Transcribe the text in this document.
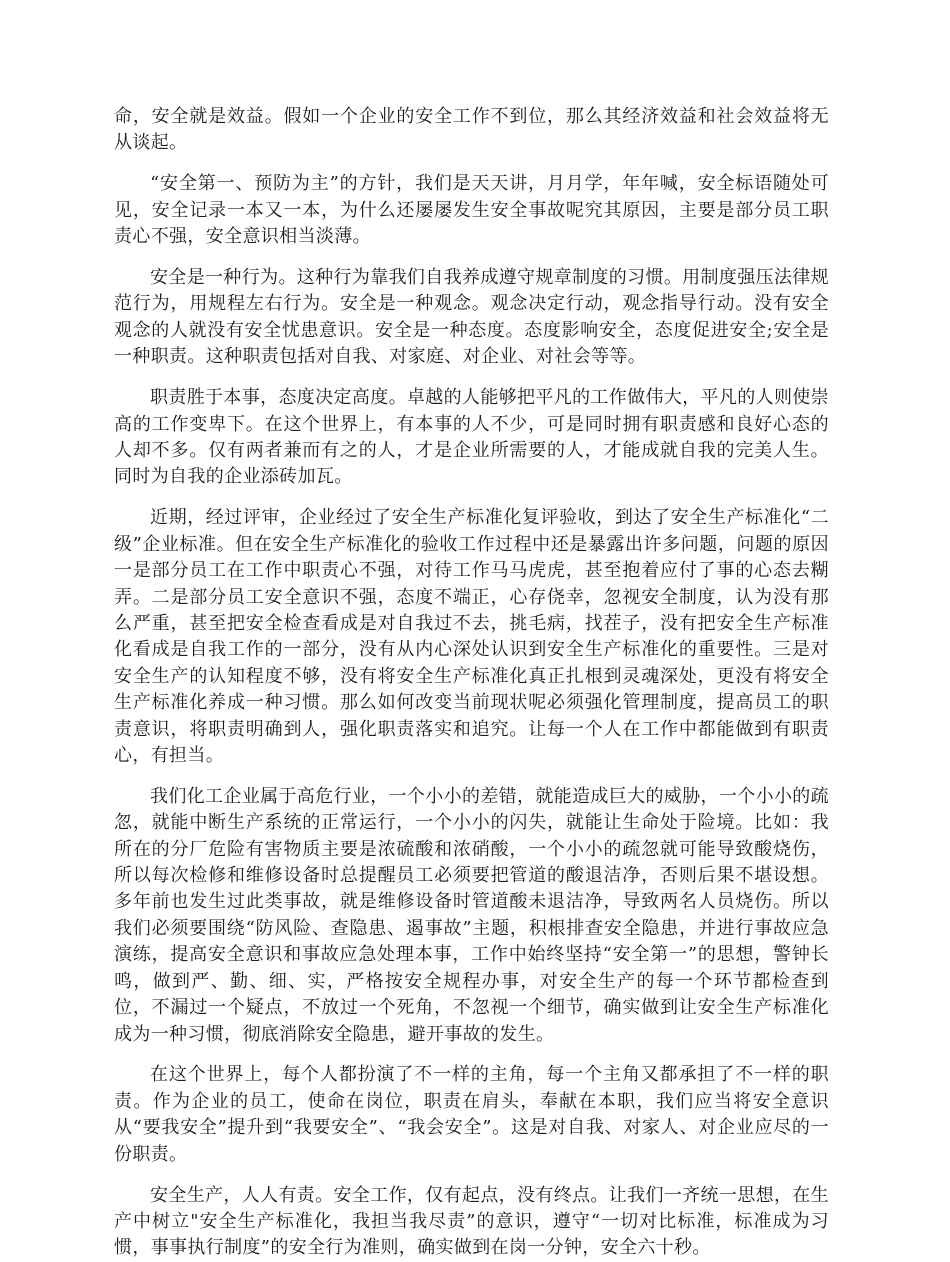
命，安全就是效益。假如一个企业的安全工作不到位，那么其经济效益和社会效益将无从谈起。

“安全第一、预防为主”的方针，我们是天天讲，月月学，年年喊，安全标语随处可见，安全记录一本又一本，为什么还屡屡发生安全事故呢究其原因，主要是部分员工职责心不强，安全意识相当淡薄。

安全是一种行为。这种行为靠我们自我养成遵守规章制度的习惯。用制度强压法律规范行为，用规程左右行为。安全是一种观念。观念决定行动，观念指导行动。没有安全观念的人就没有安全忧患意识。安全是一种态度。态度影响安全，态度促进安全;安全是一种职责。这种职责包括对自我、对家庭、对企业、对社会等等。

职责胜于本事，态度决定高度。卓越的人能够把平凡的工作做伟大，平凡的人则使崇高的工作变卑下。在这个世界上，有本事的人不少，可是同时拥有职责感和良好心态的人却不多。仅有两者兼而有之的人，才是企业所需要的人，才能成就自我的完美人生。同时为自我的企业添砖加瓦。

近期，经过评审，企业经过了安全生产标准化复评验收，到达了安全生产标准化“二级”企业标准。但在安全生产标准化的验收工作过程中还是暴露出许多问题，问题的原因一是部分员工在工作中职责心不强，对待工作马马虎虎，甚至抱着应付了事的心态去糊弄。二是部分员工安全意识不强，态度不端正，心存侥幸，忽视安全制度，认为没有那么严重，甚至把安全检查看成是对自我过不去，挑毛病，找茬子，没有把安全生产标准化看成是自我工作的一部分，没有从内心深处认识到安全生产标准化的重要性。三是对安全生产的认知程度不够，没有将安全生产标准化真正扎根到灵魂深处，更没有将安全生产标准化养成一种习惯。那么如何改变当前现状呢必须强化管理制度，提高员工的职责意识，将职责明确到人，强化职责落实和追究。让每一个人在工作中都能做到有职责心，有担当。

我们化工企业属于高危行业，一个小小的差错，就能造成巨大的威胁，一个小小的疏忽，就能中断生产系统的正常运行，一个小小的闪失，就能让生命处于险境。比如：我所在的分厂危险有害物质主要是浓硫酸和浓硝酸，一个小小的疏忽就可能导致酸烧伤，所以每次检修和维修设备时总提醒员工必须要把管道的酸退洁净，否则后果不堪设想。多年前也发生过此类事故，就是维修设备时管道酸未退洁净，导致两名人员烧伤。所以我们必须要围绕“防风险、查隐患、遏事故”主题，积根排查安全隐患，并进行事故应急演练，提高安全意识和事故应急处理本事，工作中始终坚持“安全第一”的思想，警钟长鸣，做到严、勤、细、实，严格按安全规程办事，对安全生产的每一个环节都检查到位，不漏过一个疑点，不放过一个死角，不忽视一个细节，确实做到让安全生产标准化成为一种习惯，彻底消除安全隐患，避开事故的发生。

在这个世界上，每个人都扮演了不一样的主角，每一个主角又都承担了不一样的职责。作为企业的员工，使命在岗位，职责在肩头，奉献在本职，我们应当将安全意识从“要我安全”提升到“我要安全”、“我会安全”。这是对自我、对家人、对企业应尽的一份职责。

安全生产，人人有责。安全工作，仅有起点，没有终点。让我们一齐统一思想，在生产中树立"安全生产标准化，我担当我尽责”的意识，遵守“一切对比标准，标准成为习惯，事事执行制度”的安全行为准则，确实做到在岗一分钟，安全六十秒。
